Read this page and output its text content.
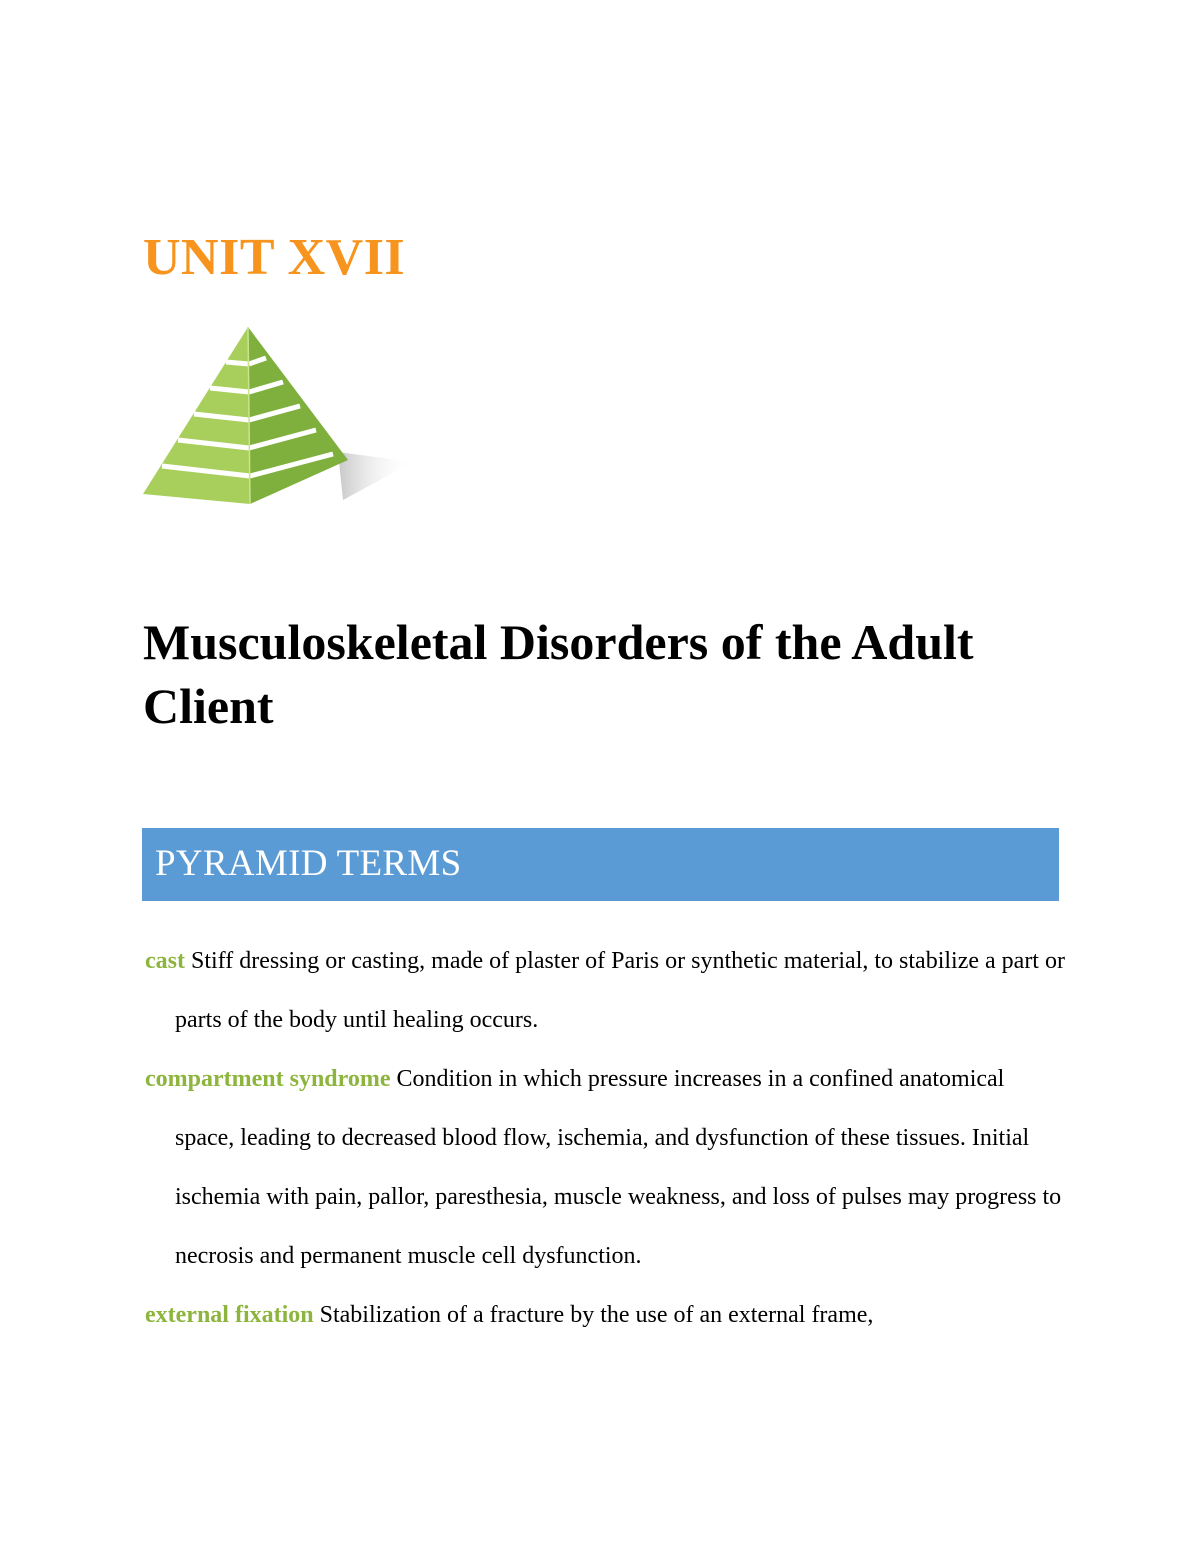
UNIT XVII
Musculoskeletal Disorders of the Adult Client
PYRAMID TERMS

cast Stiff dressing or casting, made of plaster of Paris or synthetic material, to stabilize a part or parts of the body until healing occurs.

compartment syndrome Condition in which pressure increases in a confined anatomical space, leading to decreased blood flow, ischemia, and dysfunction of these tissues. Initial ischemia with pain, pallor, paresthesia, muscle weakness, and loss of pulses may progress to necrosis and permanent muscle cell dysfunction.

external fixation Stabilization of a fracture by the use of an external frame,
